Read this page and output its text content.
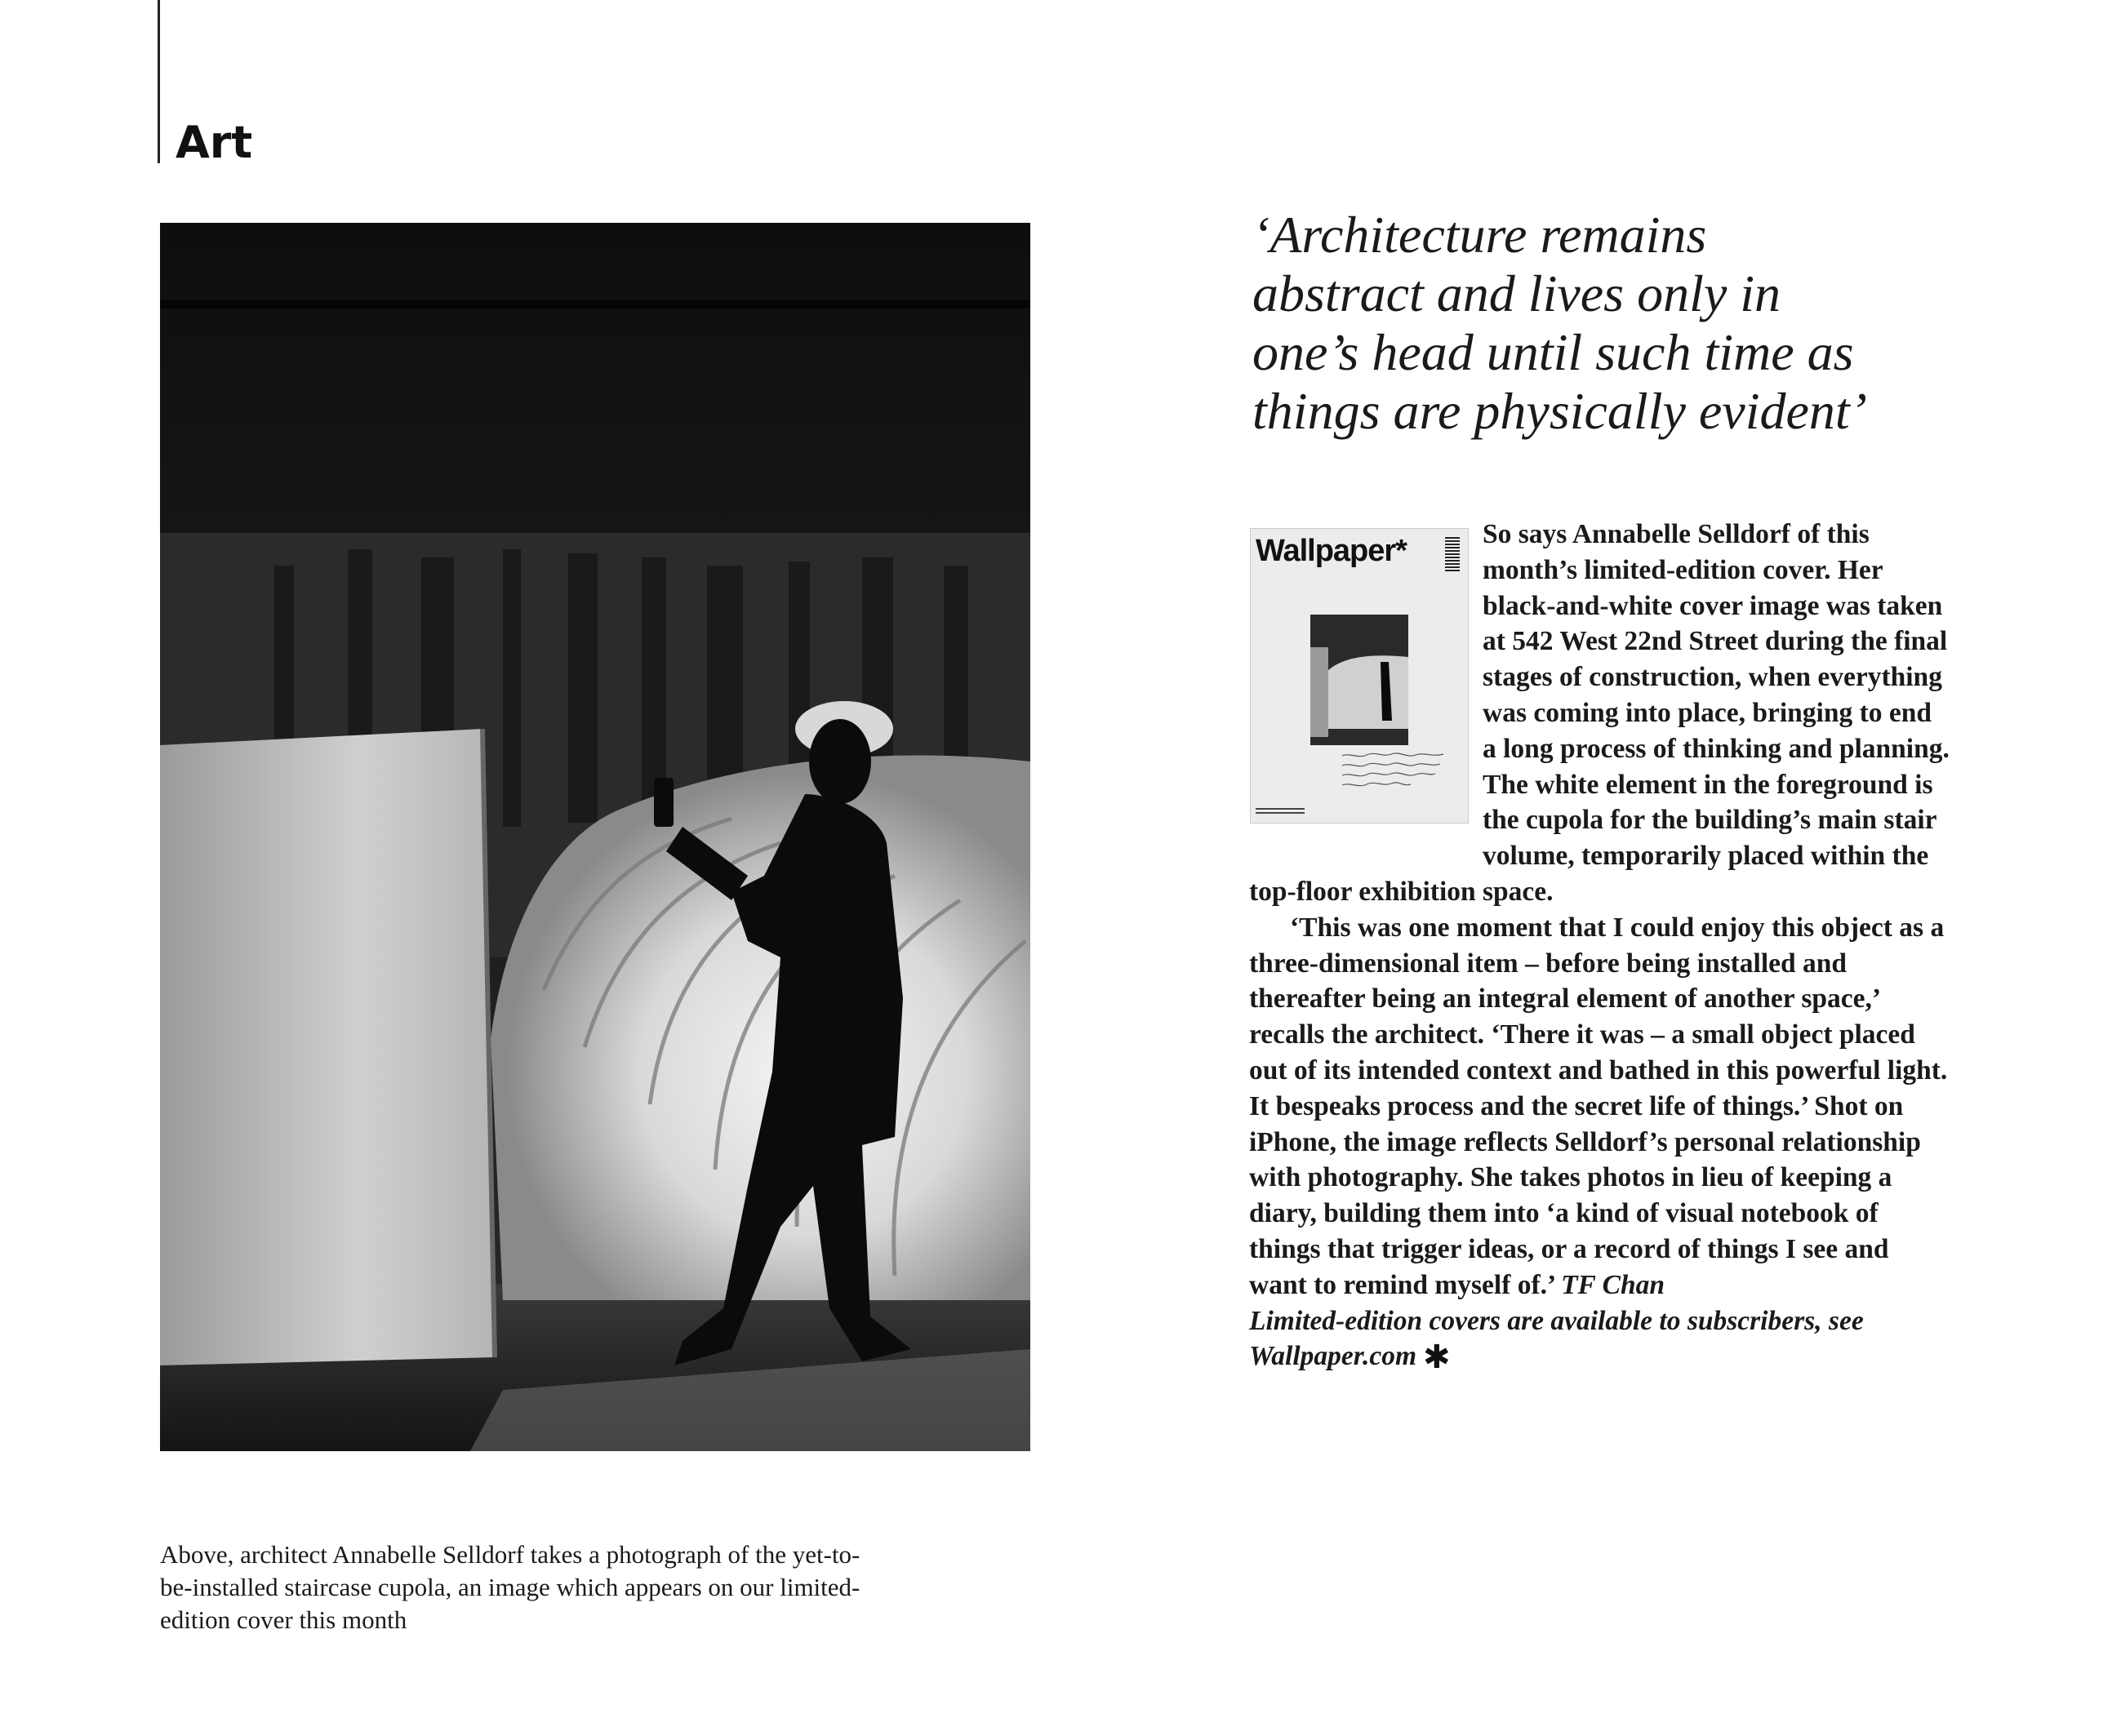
Art
Above, architect Annabelle Selldorf takes a photograph of the yet-to-be-installed staircase cupola, an image which appears on our limited-edition cover this month
‘Architecture remains
abstract and lives only in
one’s head until such time as
things are physically evident’

So says Annabelle Selldorf of this month’s limited-edition cover. Her black-and-white cover image was taken at 542 West 22nd Street during the final stages of construction, when everything was coming into place, bringing to end a long process of thinking and planning. The white element in the foreground is the cupola for the building’s main stair volume, temporarily placed within the top-floor exhibition space.

‘This was one moment that I could enjoy this object as a three-dimensional item – before being installed and thereafter being an integral element of another space,’ recalls the architect. ‘There it was – a small object placed out of its intended context and bathed in this powerful light. It bespeaks process and the secret life of things.’ Shot on iPhone, the image reflects Selldorf’s personal relationship with photography. She takes photos in lieu of keeping a diary, building them into ‘a kind of visual notebook of things that trigger ideas, or a record of things I see and want to remind myself of.’ TF Chan

Limited-edition covers are available to subscribers, see Wallpaper.com ✱

Wallpaper*
